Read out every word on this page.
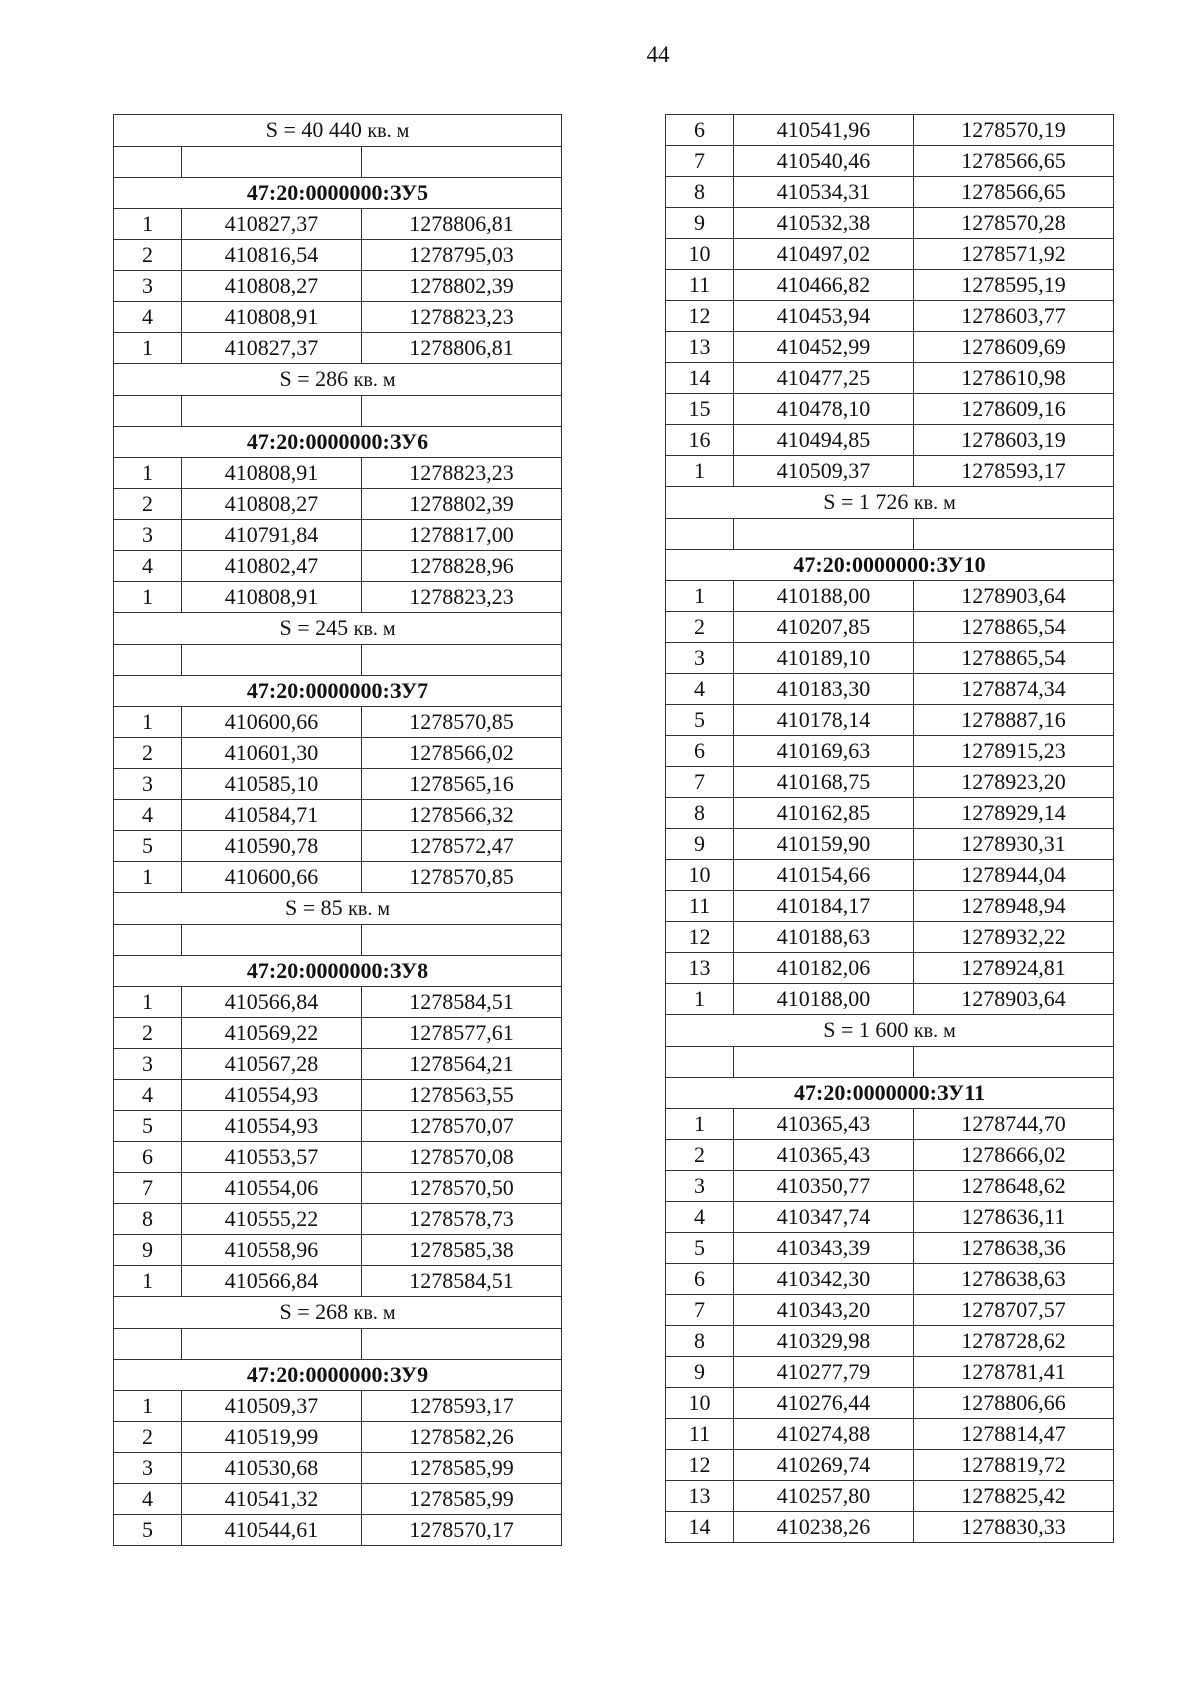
44
S = 40 440 кв. м		

47:20:0000000:ЗУ5		
1	410827,37	1278806,81
2	410816,54	1278795,03
3	410808,27	1278802,39
4	410808,91	1278823,23
1	410827,37	1278806,81
S = 286 кв. м		

47:20:0000000:ЗУ6		
1	410808,91	1278823,23
2	410808,27	1278802,39
3	410791,84	1278817,00
4	410802,47	1278828,96
1	410808,91	1278823,23
S = 245 кв. м		

47:20:0000000:ЗУ7		
1	410600,66	1278570,85
2	410601,30	1278566,02
3	410585,10	1278565,16
4	410584,71	1278566,32
5	410590,78	1278572,47
1	410600,66	1278570,85
S = 85 кв. м		

47:20:0000000:ЗУ8		
1	410566,84	1278584,51
2	410569,22	1278577,61
3	410567,28	1278564,21
4	410554,93	1278563,55
5	410554,93	1278570,07
6	410553,57	1278570,08
7	410554,06	1278570,50
8	410555,22	1278578,73
9	410558,96	1278585,38
1	410566,84	1278584,51
S = 268 кв. м		

47:20:0000000:ЗУ9		
1	410509,37	1278593,17
2	410519,99	1278582,26
3	410530,68	1278585,99
4	410541,32	1278585,99
5	410544,61	1278570,17
6	410541,96	1278570,19
7	410540,46	1278566,65
8	410534,31	1278566,65
9	410532,38	1278570,28
10	410497,02	1278571,92
11	410466,82	1278595,19
12	410453,94	1278603,77
13	410452,99	1278609,69
14	410477,25	1278610,98
15	410478,10	1278609,16
16	410494,85	1278603,19
1	410509,37	1278593,17
S = 1 726 кв. м		

47:20:0000000:ЗУ10		
1	410188,00	1278903,64
2	410207,85	1278865,54
3	410189,10	1278865,54
4	410183,30	1278874,34
5	410178,14	1278887,16
6	410169,63	1278915,23
7	410168,75	1278923,20
8	410162,85	1278929,14
9	410159,90	1278930,31
10	410154,66	1278944,04
11	410184,17	1278948,94
12	410188,63	1278932,22
13	410182,06	1278924,81
1	410188,00	1278903,64
S = 1 600 кв. м		

47:20:0000000:ЗУ11		
1	410365,43	1278744,70
2	410365,43	1278666,02
3	410350,77	1278648,62
4	410347,74	1278636,11
5	410343,39	1278638,36
6	410342,30	1278638,63
7	410343,20	1278707,57
8	410329,98	1278728,62
9	410277,79	1278781,41
10	410276,44	1278806,66
11	410274,88	1278814,47
12	410269,74	1278819,72
13	410257,80	1278825,42
14	410238,26	1278830,33
